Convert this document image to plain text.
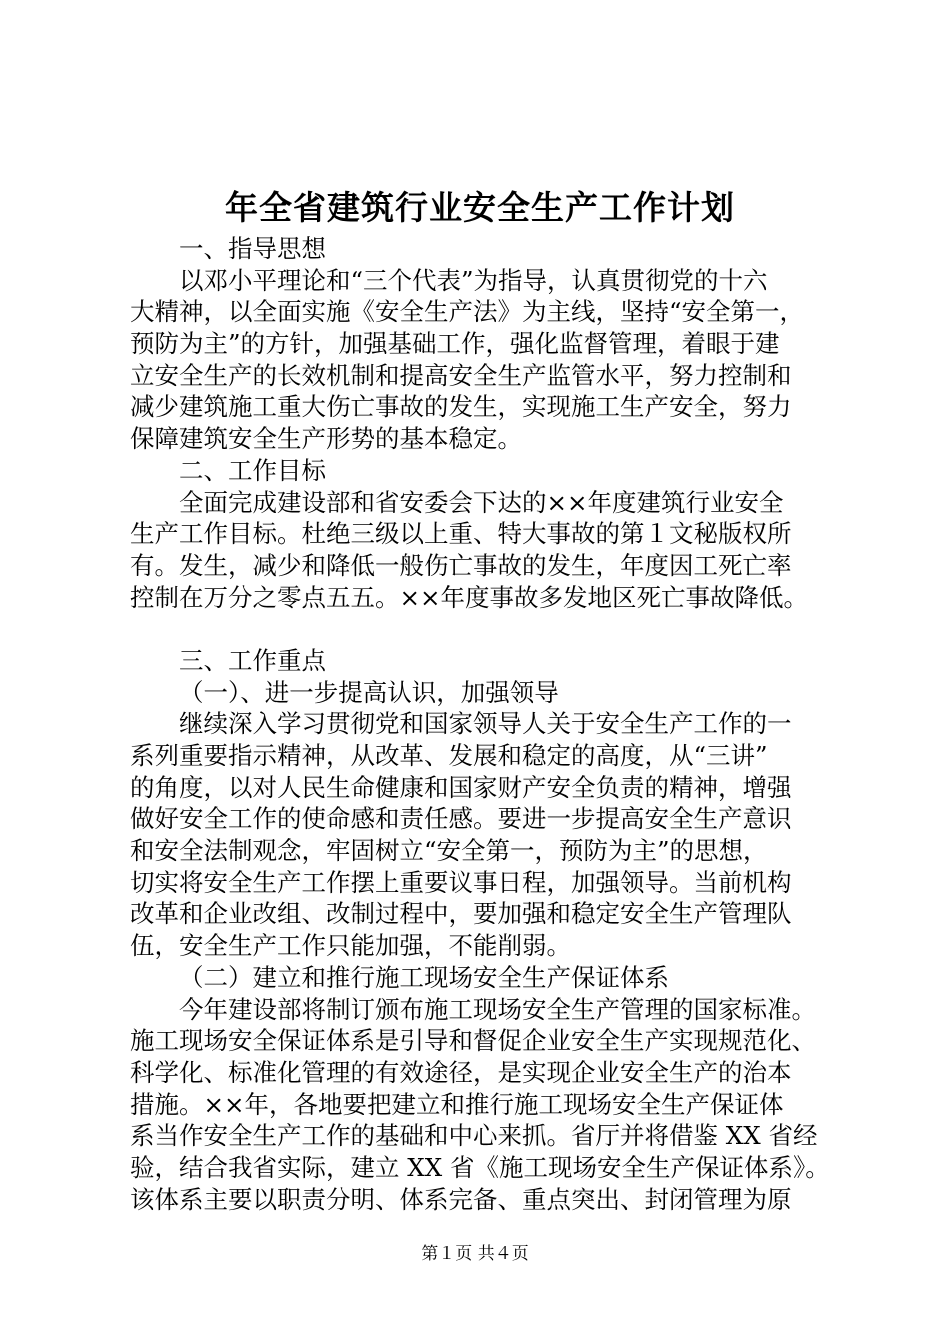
年全省建筑行业安全生产工作计划

一、指导思想

以邓小平理论和“三个代表”为指导，认真贯彻党的十六

大精神，以全面实施《安全生产法》为主线，坚持“安全第一，

预防为主”的方针，加强基础工作，强化监督管理，着眼于建

立安全生产的长效机制和提高安全生产监管水平，努力控制和

减少建筑施工重大伤亡事故的发生，实现施工生产安全，努力

保障建筑安全生产形势的基本稳定。

二、工作目标

全面完成建设部和省安委会下达的××年度建筑行业安全

生产工作目标。杜绝三级以上重、特大事故的第１文秘版权所

有。发生，减少和降低一般伤亡事故的发生，年度因工死亡率

控制在万分之零点五五。××年度事故多发地区死亡事故降低。

三、工作重点

（一）、进一步提高认识，加强领导

继续深入学习贯彻党和国家领导人关于安全生产工作的一

系列重要指示精神，从改革、发展和稳定的高度，从“三讲”

的角度，以对人民生命健康和国家财产安全负责的精神，增强

做好安全工作的使命感和责任感。要进一步提高安全生产意识

和安全法制观念，牢固树立“安全第一，预防为主”的思想，

切实将安全生产工作摆上重要议事日程，加强领导。当前机构

改革和企业改组、改制过程中，要加强和稳定安全生产管理队

伍，安全生产工作只能加强，不能削弱。

（二）建立和推行施工现场安全生产保证体系

今年建设部将制订颁布施工现场安全生产管理的国家标准。

施工现场安全保证体系是引导和督促企业安全生产实现规范化、

科学化、标准化管理的有效途径，是实现企业安全生产的治本

措施。××年，各地要把建立和推行施工现场安全生产保证体

系当作安全生产工作的基础和中心来抓。省厅并将借鉴 XX 省经

验，结合我省实际，建立 XX 省《施工现场安全生产保证体系》。

该体系主要以职责分明、体系完备、重点突出、封闭管理为原

第１页 共４页
